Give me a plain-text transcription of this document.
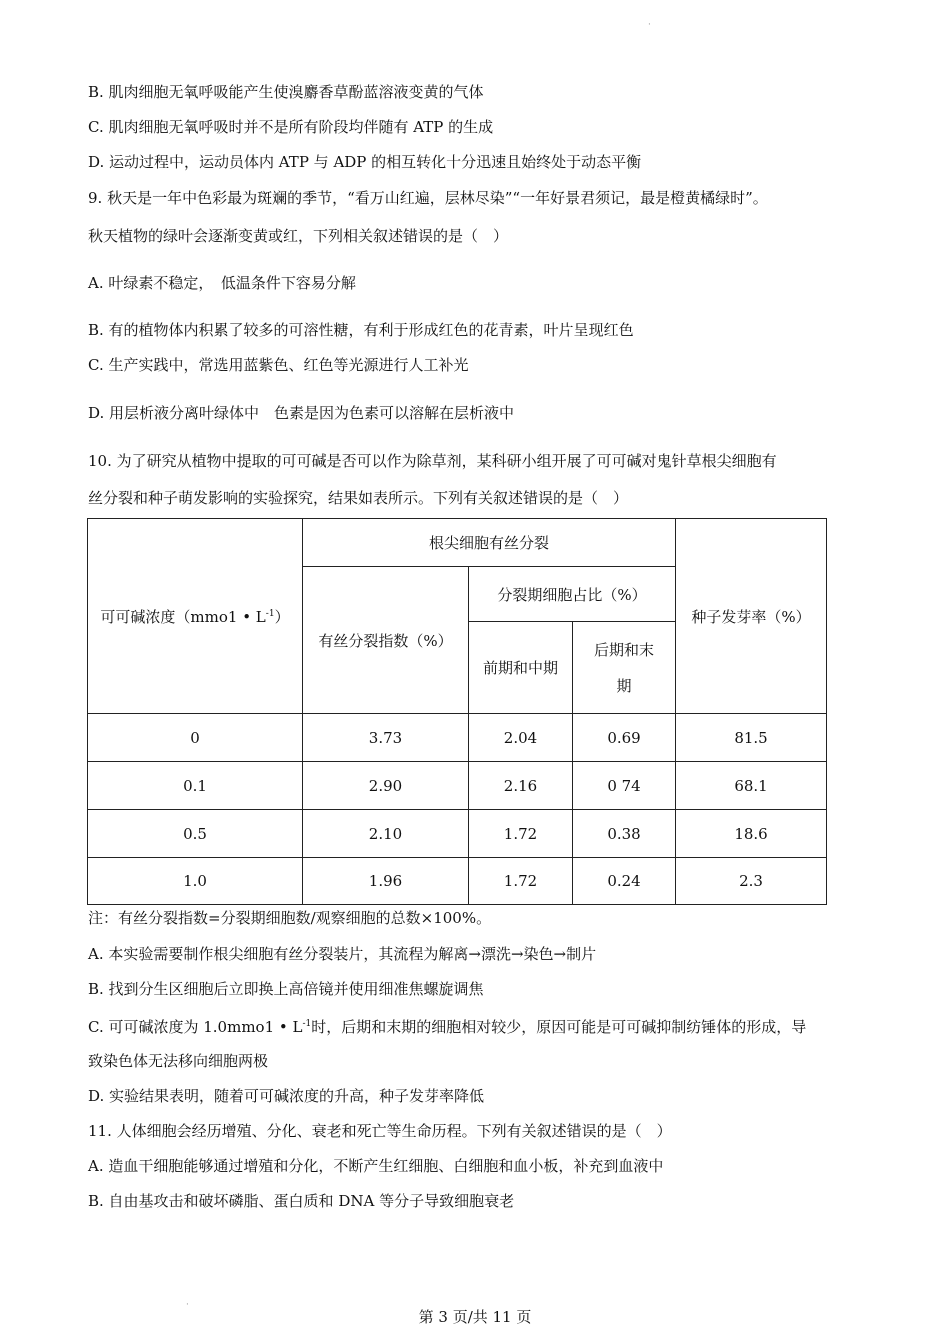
·
B. 肌肉细胞无氧呼吸能产生使溴麝香草酚蓝溶液变黄的气体
C. 肌肉细胞无氧呼吸时并不是所有阶段均伴随有 ATP 的生成
D. 运动过程中，运动员体内 ATP 与 ADP 的相互转化十分迅速且始终处于动态平衡
9. 秋天是一年中色彩最为斑斓的季节，“看万山红遍，层林尽染”“一年好景君须记，最是橙黄橘绿时”。
秋天植物的绿叶会逐渐变黄或红，下列相关叙述错误的是（　）
A. 叶绿素不稳定，　低温条件下容易分解
B. 有的植物体内积累了较多的可溶性糖，有利于形成红色的花青素，叶片呈现红色
C. 生产实践中，常选用蓝紫色、红色等光源进行人工补光
D. 用层析液分离叶绿体中　色素是因为色素可以溶解在层析液中
10. 为了研究从植物中提取的可可碱是否可以作为除草剂，某科研小组开展了可可碱对鬼针草根尖细胞有
丝分裂和种子萌发影响的实验探究，结果如表所示。下列有关叙述错误的是（　）
可可碱浓度（mmo1 • $L^{-1}$）	根尖细胞有丝分裂			种子发芽率（%）
	有丝分裂指数（%）	分裂期细胞占比（%）		
		前期和中期	后期和末期	

0	3.73	2.04	0.69	81.5
0.1	2.90	2.16	0 74	68.1
0.5	2.10	1.72	0.38	18.6
1.0	1.96	1.72	0.24	2.3
注：有丝分裂指数=分裂期细胞数/观察细胞的总数×100%。
A. 本实验需要制作根尖细胞有丝分裂装片，其流程为解离→漂洗→染色→制片
B. 找到分生区细胞后立即换上高倍镜并使用细准焦螺旋调焦
C. 可可碱浓度为 1.0mmo1 • $L^{-1}$时，后期和末期的细胞相对较少，原因可能是可可碱抑制纺锤体的形成，导
致染色体无法移向细胞两极
D. 实验结果表明，随着可可碱浓度的升高，种子发芽率降低
11. 人体细胞会经历增殖、分化、衰老和死亡等生命历程。下列有关叙述错误的是（　）
A. 造血干细胞能够通过增殖和分化，不断产生红细胞、白细胞和血小板，补充到血液中
B. 自由基攻击和破坏磷脂、蛋白质和 DNA 等分子导致细胞衰老
·
第 3 页/共 11 页
